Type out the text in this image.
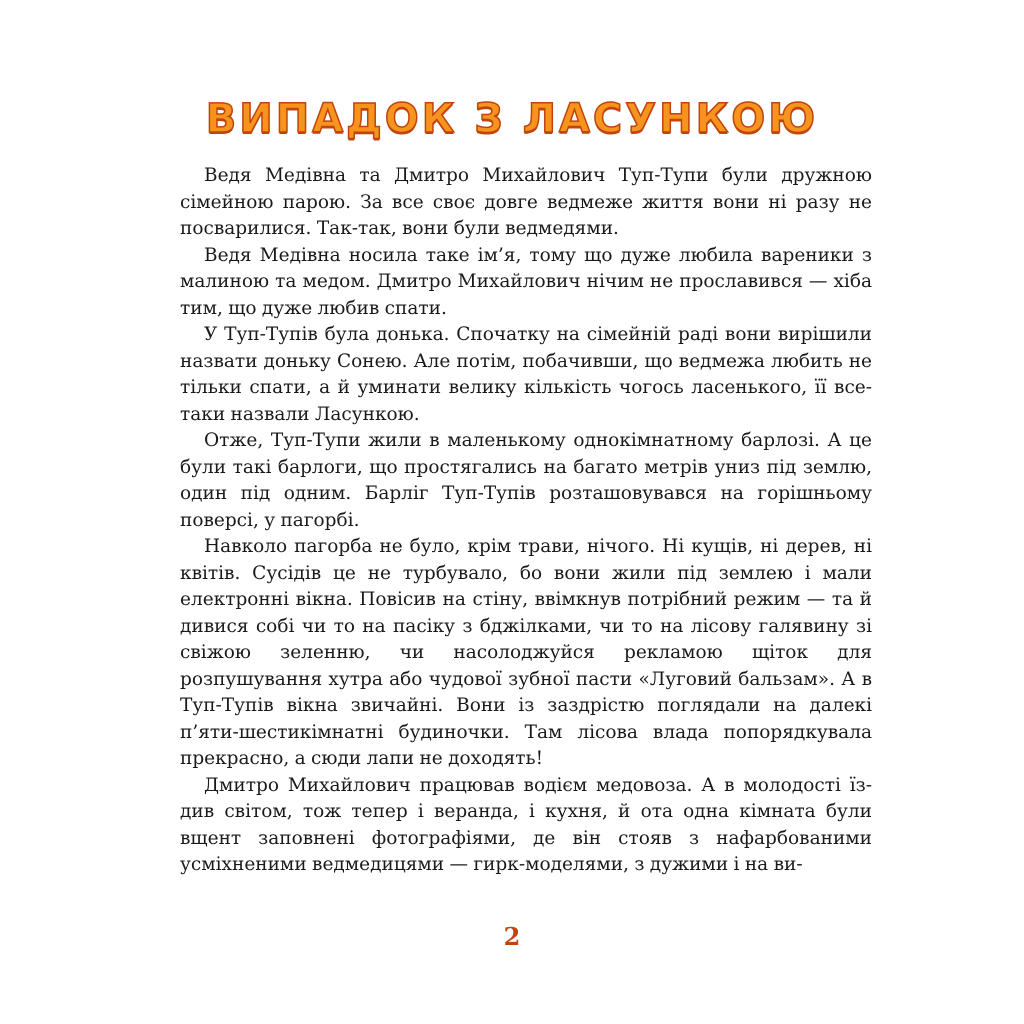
ВИПАДОК З ЛАСУНКОЮ

Ведя Медівна та Дмитро Михайлович Туп-Тупи були дружною сімейною парою. За все своє довге ведмеже життя вони ні разу не посварилися. Так-так, вони були ведмедями.

Ведя Медівна носила таке ім’я, тому що дуже любила вареники з малиною та медом. Дмитро Михайлович нічим не прославився — хіба тим, що дуже любив спати.

У Туп-Тупів була донька. Спочатку на сімейній раді вони вирішили назвати доньку Сонею. Але потім, побачивши, що ведмежа любить не тільки спати, а й уминати велику кількість чогось ласенького, її все-таки назвали Ласункою.

Отже, Туп-Тупи жили в маленькому однокімнатному барлозі. А це були такі барлоги, що простягались на багато метрів униз під землю, один під одним. Барліг Туп-Тупів розташовувався на горішньому поверсі, у пагорбі.

Навколо пагорба не було, крім трави, нічого. Ні кущів, ні дерев, ні квітів. Сусідів це не турбувало, бо вони жили під землею і мали електронні вікна. Повісив на стіну, ввімкнув потрібний режим — та й дивися собі чи то на пасіку з бджілками, чи то на лісову галявину зі свіжою зеленню, чи насолоджуйся рекламою щіток для розпушування хутра або чудової зубної пасти «Луговий бальзам». А в Туп-Тупів вікна звичайні. Вони із заздрістю поглядали на далекі п’яти-шестикімнатні будиночки. Там лісова влада попорядкувала прекрасно, а сюди лапи не доходять!

Дмитро Михайлович працював водієм медовоза. А в молодості їздив світом, тож тепер і веранда, і кухня, й ота одна кімната були вщент заповнені фотографіями, де він стояв з нафарбованими усміхненими ведмедицями — гирк-моделями, з дужими і на ви-

2
